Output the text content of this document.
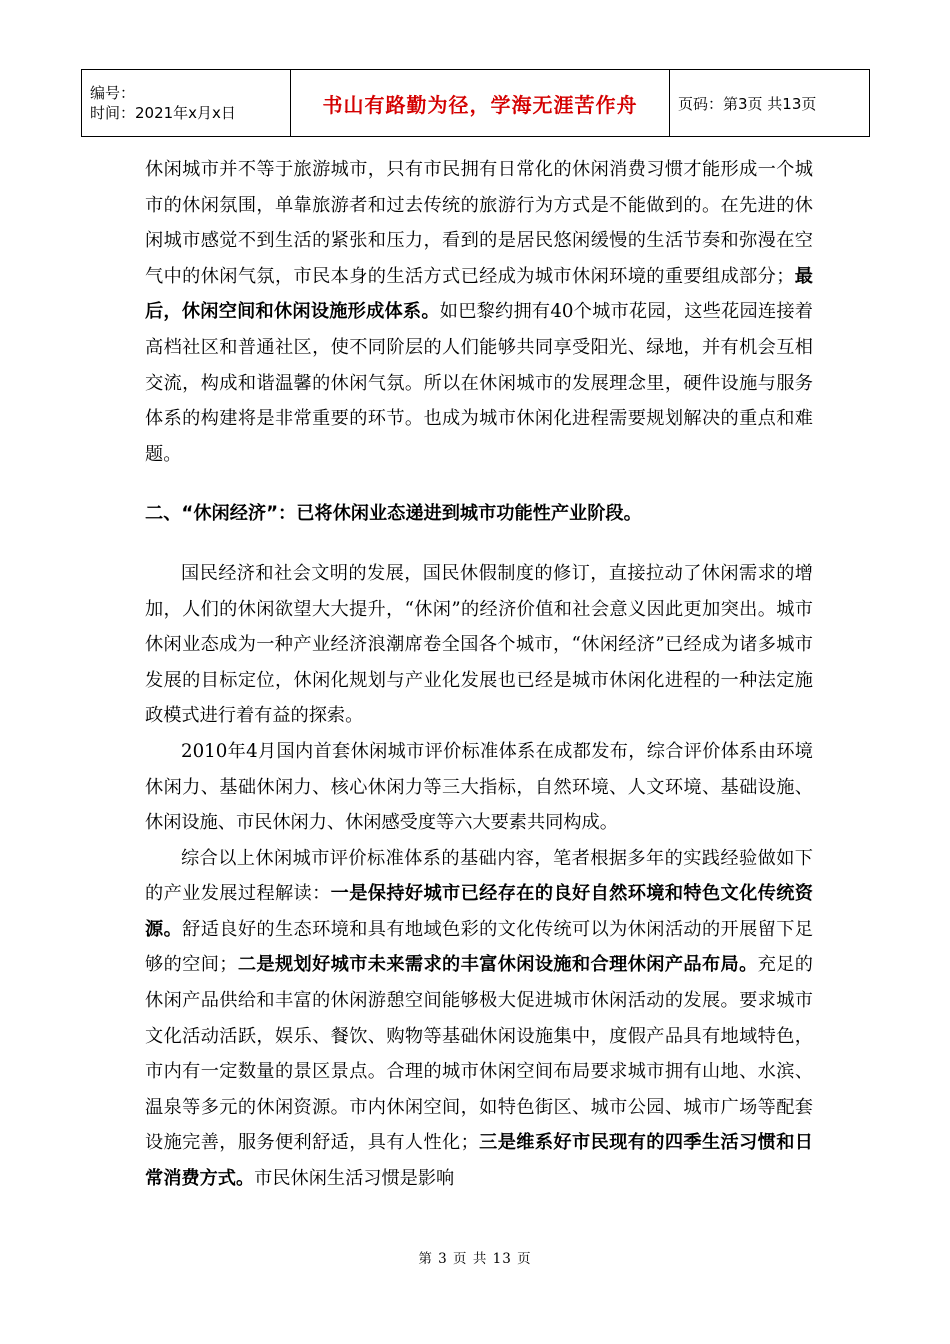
编号：
时间：2021年x月x日	书山有路勤为径，学海无涯苦作舟	页码：第3页 共13页

休闲城市并不等于旅游城市，只有市民拥有日常化的休闲消费习惯才能形成一个城市的休闲氛围，单靠旅游者和过去传统的旅游行为方式是不能做到的。在先进的休闲城市感觉不到生活的紧张和压力，看到的是居民悠闲缓慢的生活节奏和弥漫在空气中的休闲气氛，市民本身的生活方式已经成为城市休闲环境的重要组成部分；最后，休闲空间和休闲设施形成体系。如巴黎约拥有40个城市花园，这些花园连接着高档社区和普通社区，使不同阶层的人们能够共同享受阳光、绿地，并有机会互相交流，构成和谐温馨的休闲气氛。所以在休闲城市的发展理念里，硬件设施与服务体系的构建将是非常重要的环节。也成为城市休闲化进程需要规划解决的重点和难题。

二、“休闲经济”：已将休闲业态递进到城市功能性产业阶段。

国民经济和社会文明的发展，国民休假制度的修订，直接拉动了休闲需求的增加，人们的休闲欲望大大提升，“休闲”的经济价值和社会意义因此更加突出。城市休闲业态成为一种产业经济浪潮席卷全国各个城市，“休闲经济”已经成为诸多城市发展的目标定位，休闲化规划与产业化发展也已经是城市休闲化进程的一种法定施政模式进行着有益的探索。

2010年4月国内首套休闲城市评价标准体系在成都发布，综合评价体系由环境休闲力、基础休闲力、核心休闲力等三大指标，自然环境、人文环境、基础设施、休闲设施、市民休闲力、休闲感受度等六大要素共同构成。

综合以上休闲城市评价标准体系的基础内容，笔者根据多年的实践经验做如下的产业发展过程解读：一是保持好城市已经存在的良好自然环境和特色文化传统资源。舒适良好的生态环境和具有地域色彩的文化传统可以为休闲活动的开展留下足够的空间；二是规划好城市未来需求的丰富休闲设施和合理休闲产品布局。充足的休闲产品供给和丰富的休闲游憩空间能够极大促进城市休闲活动的发展。要求城市文化活动活跃，娱乐、餐饮、购物等基础休闲设施集中，度假产品具有地域特色，市内有一定数量的景区景点。合理的城市休闲空间布局要求城市拥有山地、水滨、温泉等多元的休闲资源。市内休闲空间，如特色街区、城市公园、城市广场等配套设施完善，服务便利舒适，具有人性化；三是维系好市民现有的四季生活习惯和日常消费方式。市民休闲生活习惯是影响

第 3 页 共 13 页
